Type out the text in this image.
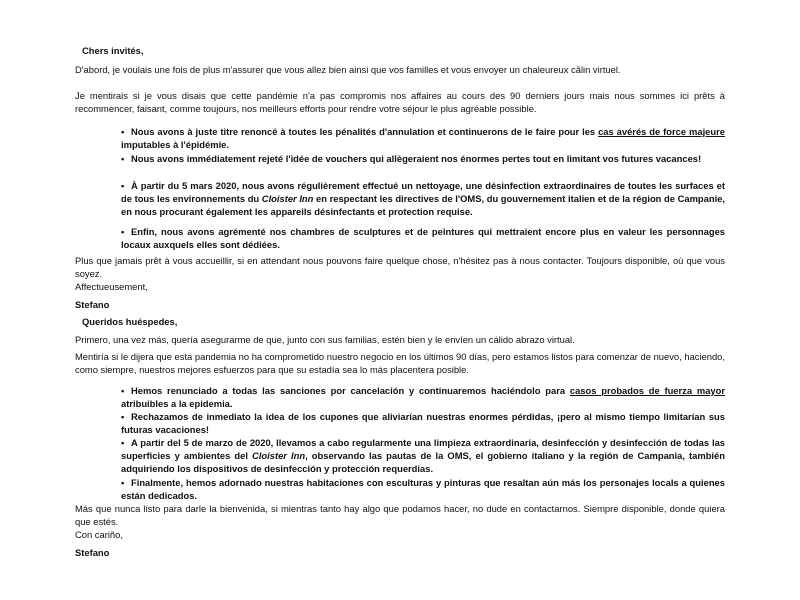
Chers invités,
D'abord, je voulais une fois de plus m'assurer que vous allez bien ainsi que vos familles et vous envoyer un chaleureux câlin virtuel.
Je mentirais si je vous disais que cette pandémie n'a pas compromis nos affaires au cours des 90 derniers jours mais nous sommes ici prêts à recommencer, faisant, comme toujours, nos meilleurs efforts pour rendre votre séjour le plus agréable possible.
• Nous avons à juste titre renoncé à toutes les pénalités d'annulation et continuerons de le faire pour les cas avérés de force majeure imputables à l'épidémie.
• Nous avons immédiatement rejeté l'idée de vouchers qui allègeraient nos énormes pertes tout en limitant vos futures vacances!
• À partir du 5 mars 2020, nous avons régulièrement effectué un nettoyage, une désinfection extraordinaires de toutes les surfaces et de tous les environnements du Cloister Inn en respectant les directives de l'OMS, du gouvernement italien et de la région de Campanie, en nous procurant également les appareils désinfectants et protection requise.
• Enfin, nous avons agrémenté nos chambres de sculptures et de peintures qui mettraient encore plus en valeur les personnages locaux auxquels elles sont dédiées.
Plus que jamais prêt à vous accueillir, si en attendant nous pouvons faire quelque chose, n'hésitez pas à nous contacter. Toujours disponible, où que vous soyez.
Affectueusement,
Stefano
Queridos huéspedes,
Primero, una vez más, quería asegurarme de que, junto con sus familias, estén bien y le envíen un cálido abrazo virtual.
Mentiría si le dijera que esta pandemia no ha comprometido nuestro negocio en los últimos 90 días, pero estamos listos para comenzar de nuevo, haciendo, como siempre, nuestros mejores esfuerzos para que su estadía sea lo más placentera posible.
• Hemos renunciado a todas las sanciones por cancelación y continuaremos haciéndolo para casos probados de fuerza mayor atribuibles a la epidemia.
• Rechazamos de inmediato la idea de los cupones que aliviarían nuestras enormes pérdidas, ¡pero al mismo tiempo limitarían sus futuras vacaciones!
• A partir del 5 de marzo de 2020, llevamos a cabo regularmente una limpieza extraordinaria, desinfección y desinfección de todas las superficies y ambientes del Cloister Inn, observando las pautas de la OMS, el gobierno italiano y la región de Campania, también adquiriendo los dispositivos de desinfección y protección requerdias.
• Finalmente, hemos adornado nuestras habitaciones con esculturas y pinturas que resaltan aún más los personajes locals a quienes están dedicados.
Más que nunca listo para darle la bienvenida, si mientras tanto hay algo que podamos hacer, no dude en contactarnos. Siempre disponible, donde quiera que estés.
Con cariño,
Stefano
